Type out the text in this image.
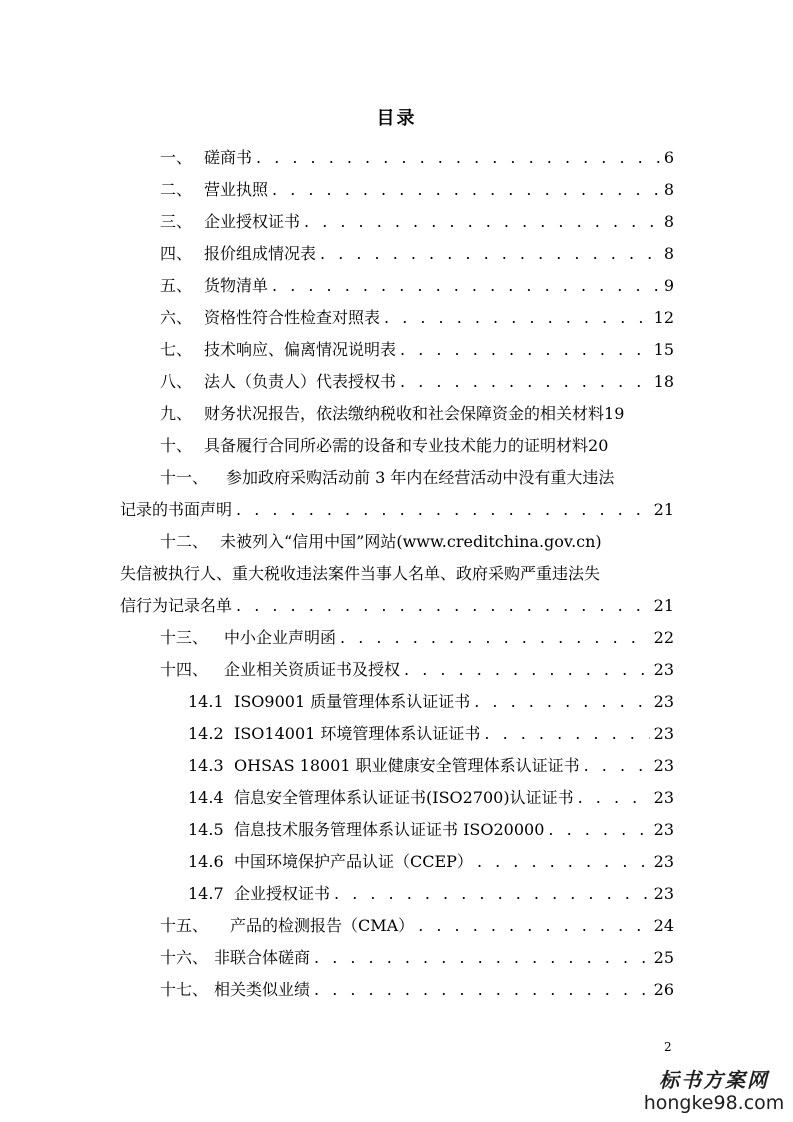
目录
一、 磋商书 . . .	6
二、 营业执照 . . .	8
三、 企业授权证书 . . .	8
四、 报价组成情况表 . . .	8
五、 货物清单 . . .	9
六、 资格性符合性检查对照表 . . .	12
七、 技术响应、偏离情况说明表 . . .	15
八、 法人（负责人）代表授权书 . . .	18
九、 财务状况报告，依法缴纳税收和社会保障资金的相关材料 19
十、 具备履行合同所必需的设备和专业技术能力的证明材料 20
十一、 参加政府采购活动前 3 年内在经营活动中没有重大违法
记录的书面声明 . . .	21
十二、 未被列入“信用中国”网站(www.creditchina.gov.cn)
失信被执行人、重大税收违法案件当事人名单、政府采购严重违法失
信行为记录名单 . . .	21
十三、 中小企业声明函 . . .	22
十四、 企业相关资质证书及授权 . . .	23
14.1 ISO9001 质量管理体系认证证书 . . .	23
14.2 ISO14001 环境管理体系认证证书 . . .	23
14.3 OHSAS 18001 职业健康安全管理体系认证证书 . . .	23
14.4 信息安全管理体系认证证书(ISO2700)认证证书 . . .	23
14.5 信息技术服务管理体系认证证书 ISO20000 . . .	23
14.6 中国环境保护产品认证（CCEP） . . .	23
14.7 企业授权证书 . . .	23
十五、	产品的检测报告（CMA） . . .	24
十六、 非联合体磋商 . . .	25
十七、 相关类似业绩 . . .	26
2
标书方案网
hongke98.com
